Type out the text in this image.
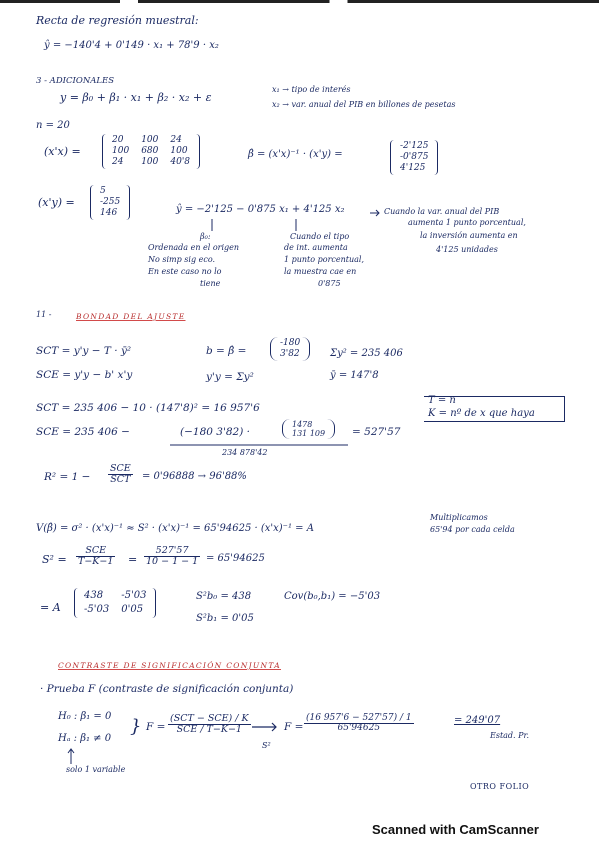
Recta de regresión muestral:
ŷ = −140'4 + 0'149 · x₁ + 78'9 · x₂
3 - ADICIONALES
y = β₀ + β₁ · x₁ + β₂ · x₂ + ε
x₁ → tipo de interés
x₂ → var. anual del PIB en billones de pesetas
n = 20
(x'x) =
20	100	24
100	680	100
24	100	40'8
β̂ = (x'x)⁻¹ · (x'y) =
-2'125
-0'875
4'125
(x'y) =
5
-255
146	ŷ = −2'125 − 0'875 x₁ + 4'125 x₂	Cuando la var. anual del PIB
aumenta 1 punto porcentual,
la inversión aumenta en
4'125 unidades
β₀:
Ordenada en el origen
No simp sig eco.
En este caso no lo
tiene
Cuando el tipo
de int. aumenta
1 punto porcentual,
la muestra cae en
0'875
11 -	BONDAD DEL AJUSTE
SCT = y'y − T · ȳ²
SCE = y'y − b' x'y
b = β̂ =
-180
3'82	Σy² = 235 406
y'y = Σy²	ȳ = 147'8
SCT = 235 406 − 10 · (147'8)² = 16 957'6
SCE = 235 406 −	(−180 3'82) ·
1478
131 109	= 527'57
234 878'42
T = n
K = nº de x que haya
$R^2 = 1 - \frac{\text{SCE}}{\text{SCT}} = 0'96888 \to 96'88\%$
V(β̂) = σ² · (x'x)⁻¹ ≈ S² · (x'x)⁻¹ = 65'94625 · (x'x)⁻¹ = A
Multiplicamos
65'94 por cada celda
$S^2 = \frac{\text{SCE}}{T-K-1} = \frac{527'57}{10 - 1 - 1} = 65'94625$
= A
438	-5'03
-5'03	0'05
S²b₀ = 438
S²b₁ = 0'05
Cov(b₀,b₁) = −5'03
CONTRASTE DE SIGNIFICACIÓN CONJUNTA
· Prueba F (contraste de significación conjunta)
H₀ : β₁ = 0
Hₐ : β₁ ≠ 0
} $F = \frac{\text{(SCT − SCE) / K}}{\text{SCE / T−K−1}}$
S²
$F = \frac{(16 957'6 - 527'57) / 1}{65'94625}$	= 249'07
Estad. Pr.
solo 1 variable
OTRO FOLIO
Scanned with CamScanner
